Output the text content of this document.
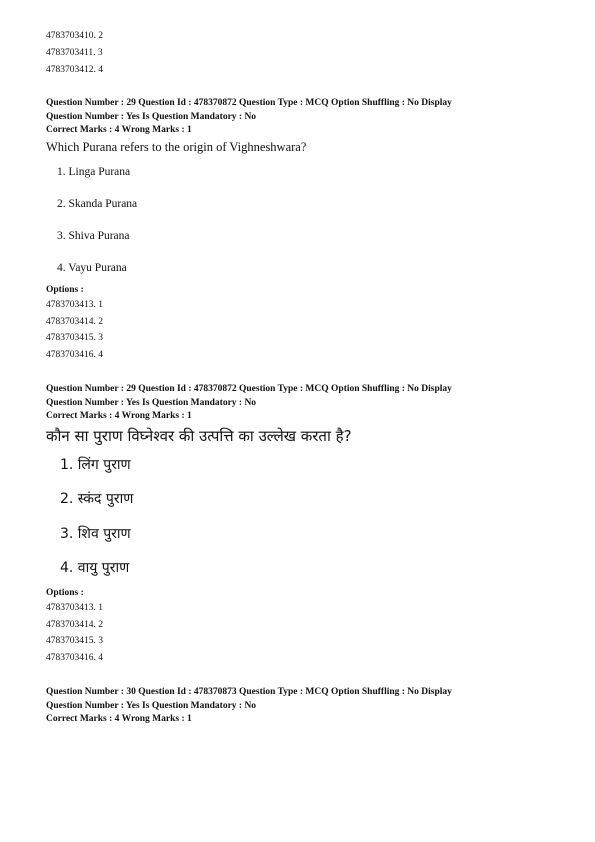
4783703410. 2
4783703411. 3
4783703412. 4
Question Number : 29 Question Id : 478370872 Question Type : MCQ Option Shuffling : No Display
Question Number : Yes Is Question Mandatory : No
Correct Marks : 4 Wrong Marks : 1
Which Purana refers to the origin of Vighneshwara?
1. Linga Purana
2. Skanda Purana
3. Shiva Purana
4. Vayu Purana
Options :
4783703413. 1
4783703414. 2
4783703415. 3
4783703416. 4
Question Number : 29 Question Id : 478370872 Question Type : MCQ Option Shuffling : No Display
Question Number : Yes Is Question Mandatory : No
Correct Marks : 4 Wrong Marks : 1
कौन सा पुराण विघ्नेश्वर की उत्पत्ति का उल्लेख करता है?
1. लिंग पुराण
2. स्कंद पुराण
3. शिव पुराण
4. वायु पुराण
Options :
4783703413. 1
4783703414. 2
4783703415. 3
4783703416. 4
Question Number : 30 Question Id : 478370873 Question Type : MCQ Option Shuffling : No Display
Question Number : Yes Is Question Mandatory : No
Correct Marks : 4 Wrong Marks : 1
